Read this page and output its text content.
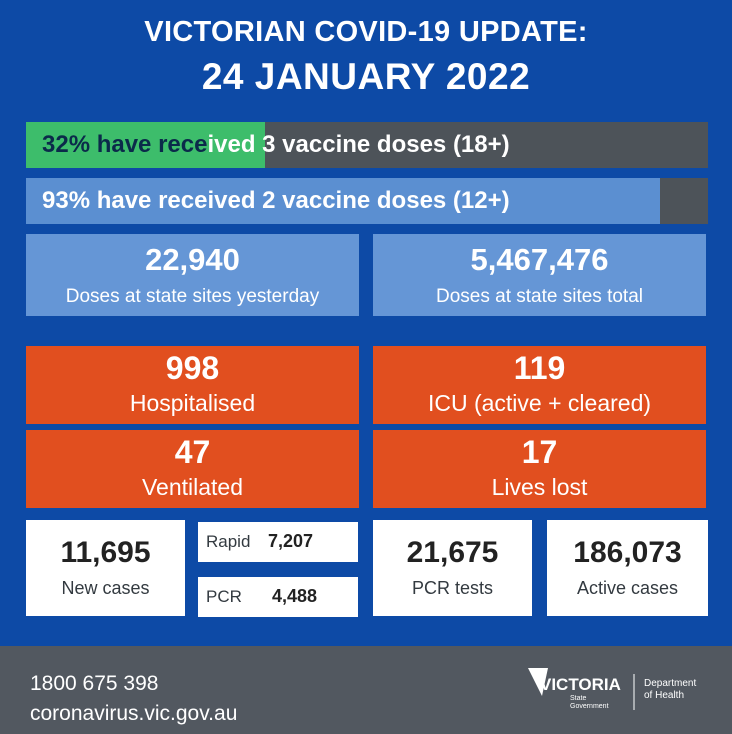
VICTORIAN COVID-19 UPDATE:
24 JANUARY 2022
32% have received 3 vaccine doses (18+)
93% have received 2 vaccine doses (12+)
22,940
Doses at state sites yesterday
5,467,476
Doses at state sites total
998
Hospitalised
119
ICU (active + cleared)
47
Ventilated
17
Lives lost
11,695
New cases
Rapid 7,207
PCR 4,488
21,675
PCR tests
186,073
Active cases
1800 675 398
coronavirus.vic.gov.au
VICTORIA
State
Government
Department
of Health
